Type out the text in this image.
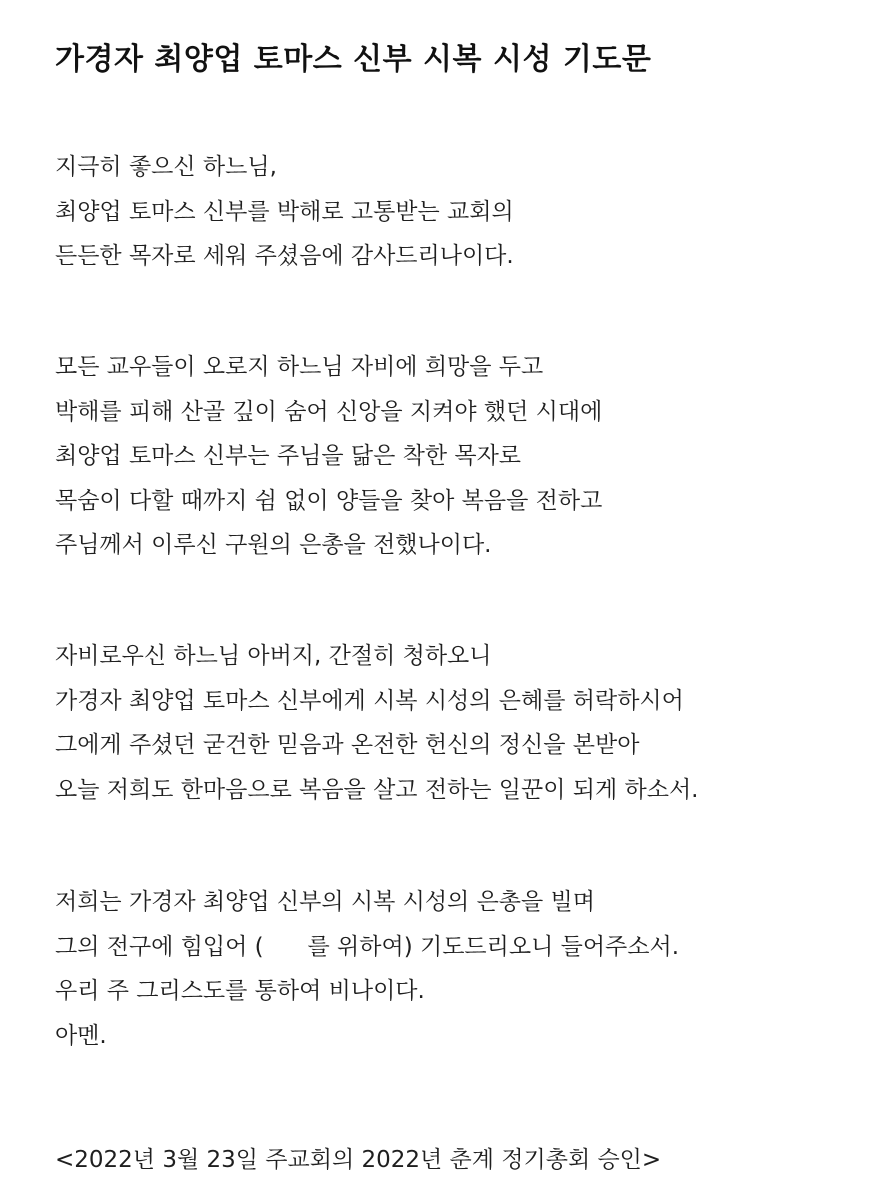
가경자 최양업 토마스 신부 시복 시성 기도문
지극히 좋으신 하느님,
최양업 토마스 신부를 박해로 고통받는 교회의
든든한 목자로 세워 주셨음에 감사드리나이다.
모든 교우들이 오로지 하느님 자비에 희망을 두고
박해를 피해 산골 깊이 숨어 신앙을 지켜야 했던 시대에
최양업 토마스 신부는 주님을 닮은 착한 목자로
목숨이 다할 때까지 쉼 없이 양들을 찾아 복음을 전하고
주님께서 이루신 구원의 은총을 전했나이다.
자비로우신 하느님 아버지, 간절히 청하오니
가경자 최양업 토마스 신부에게 시복 시성의 은혜를 허락하시어
그에게 주셨던 굳건한 믿음과 온전한 헌신의 정신을 본받아
오늘 저희도 한마음으로 복음을 살고 전하는 일꾼이 되게 하소서.
저희는 가경자 최양업 신부의 시복 시성의 은총을 빌며
그의 전구에 힘입어 (      를 위하여) 기도드리오니 들어주소서.
우리 주 그리스도를 통하여 비나이다.
아멘.

<2022년 3월 23일 주교회의 2022년 춘계 정기총회 승인>
